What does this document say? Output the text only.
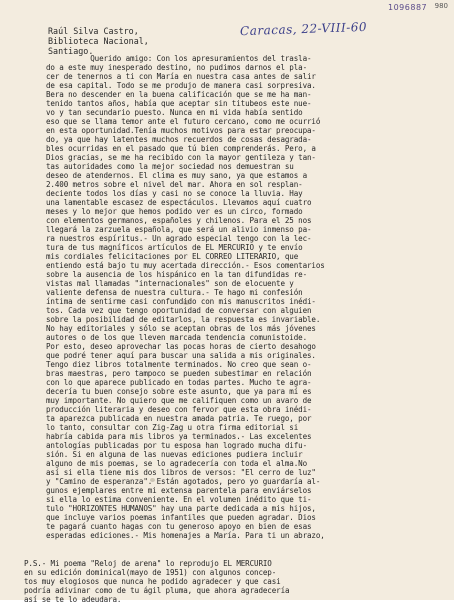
1096887 980
Raúl Silva Castro,
Biblioteca Nacional,
Santiago.
Caracas, 22-VIII-60
Querido amigo: Con los apresuramientos del trasla-
do a este muy inesperado destino, no pudimos darnos el pla-
cer de tenernos a ti con María en nuestra casa antes de salir
de esa capital. Todo se me produjo de manera casi sorpresiva.
Bera no descender en la buena calificación que se me ha man-
tenido tantos años, había que aceptar sin titubeos este nue-
vo y tan secundario puesto. Nunca en mi vida había sentido
eso que se llama temor ante el futuro cercano, como me ocurrió
en esta oportunidad.Tenía muchos motivos para estar preocupa-
do, ya que hay latentes muchos recuerdos de cosas desagrada-
bles ocurridas en el pasado que tú bien comprenderás. Pero, a
Dios gracias, se me ha recibido con la mayor gentileza y tan-
tas autoridades como la mejor sociedad nos demuestran su
deseo de atendernos. El clima es muy sano, ya que estamos a
2.400 metros sobre el nivel del mar. Ahora en sol resplan-
deciente todos los días y casi no se conoce la lluvia. Hay
una lamentable escasez de espectáculos. Llevamos aquí cuatro
meses y lo mejor que hemos podido ver es un circo, formado
con elementos germanos, españoles y chilenos. Para el 25 nos
llegará la zarzuela española, que será un alivio inmenso pa-
ra nuestros espíritus.- Un agrado especial tengo con la lec-
tura de tus magníficos artículos de EL MERCURIO y te envío
mis cordiales felicitaciones por EL CORREO LITERARIO, que
entiendo está bajo tu muy acertada dirección.- Esos comentarios
sobre la ausencia de los hispánico en la tan difundidas re-
vistas mal llamadas "internacionales" son de elocuente y
valiente defensa de nuestra cultura.- Te hago mi confesión
íntima de sentirme casi confundido con mis manuscritos inédi-
tos. Cada vez que tengo oportunidad de conversar con alguien
sobre la posibilidad de editarlos, la respuesta es invariable.
No hay editoriales y sólo se aceptan obras de los más jóvenes
autores o de los que lleven marcada tendencia comunistoide.
Por esto, deseo aprovechar las pocas horas de cierto desahogo
que podré tener aquí para buscar una salida a mis originales.
Tengo diez libros totalmente terminados. No creo que sean o-
bras maestras, pero tampoco se pueden subestimar en relación
con lo que aparece publicado en todas partes. Mucho te agra-
decería tu buen consejo sobre este asunto, que ya para mí es
muy importante. No quiero que me califiquen como un avaro de
producción literaria y deseo con fervor que esta obra inédi-
ta aparezca publicada en nuestra amada patria. Te ruego, por
lo tanto, consultar con Zig-Zag u otra firma editorial si
habría cabida para mis libros ya terminados.- Las excelentes
antologías publicadas por tu esposa han logrado mucha difu-
sión. Si en alguna de las nuevas ediciones pudiera incluir
alguno de mis poemas, se lo agradecería con toda el alma.No
así si ella tiene mis dos libros de versos: "El cerro de luz"
y "Camino de esperanza". Están agotados, pero yo guardaría al-
gunos ejemplares entre mi extensa parentela para enviárselos
si ella lo estima conveniente. En el volumen inédito que ti-
tulo "HORIZONTES HUMANOS" hay una parte dedicada a mis hijos,
que incluye varios poemas infantiles que pueden agradar. Dios
te pagará cuanto hagas con tu generoso apoyo en bien de esas
esperadas ediciones.- Mis homenajes a María. Para ti un abrazo,
P.S.- Mi poema "Reloj de arena" lo reprodujo EL MERCURIO
en su edición dominical(mayo de 1951) con algunos concep-
tos muy elogiosos que nunca he podido agradecer y que casi
podría adivinar como de tu ágil pluma, que ahora agradecería
así se te lo adeudara.
